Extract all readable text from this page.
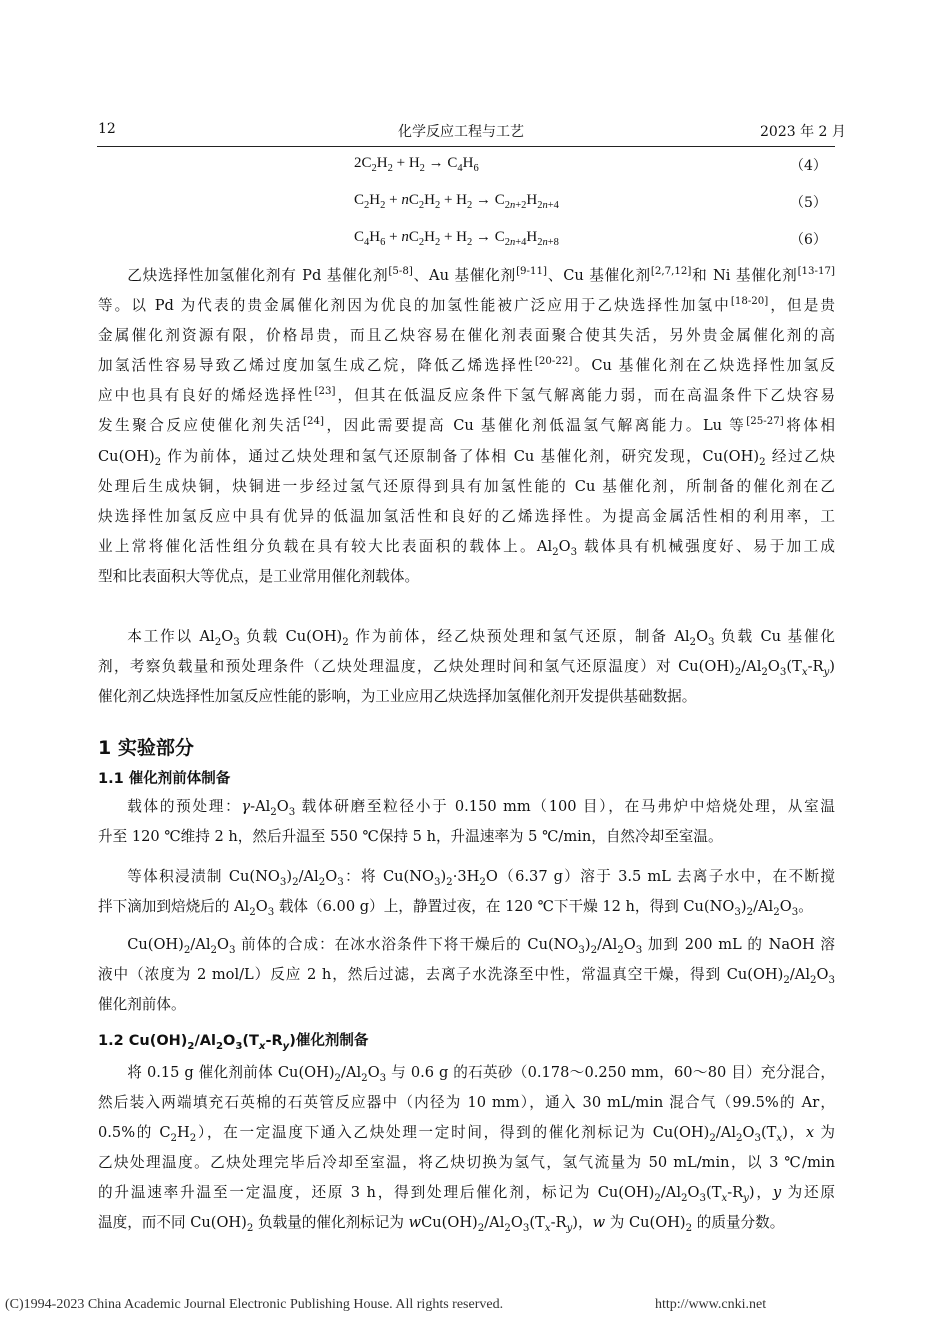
12	化学反应工程与工艺	2023 年 2 月
$2C_2H_2 + H_2 \to C_4H_6$	（4）
$C_2H_2 + nC_2H_2 + H_2 \to C_{2n+2}H_{2n+4}$	（5）
$C_4H_6 + nC_2H_2 + H_2 \to C_{2n+4}H_{2n+8}$	（6）
乙炔选择性加氢催化剂有 Pd 基催化剂[5-8]、Au 基催化剂[9-11]、Cu 基催化剂[2,7,12]和 Ni 基催化剂[13-17]
等。以 Pd 为代表的贵金属催化剂因为优良的加氢性能被广泛应用于乙炔选择性加氢中[18-20]，但是贵
金属催化剂资源有限，价格昂贵，而且乙炔容易在催化剂表面聚合使其失活，另外贵金属催化剂的高
加氢活性容易导致乙烯过度加氢生成乙烷，降低乙烯选择性[20-22]。Cu 基催化剂在乙炔选择性加氢反
应中也具有良好的烯烃选择性[23]，但其在低温反应条件下氢气解离能力弱，而在高温条件下乙炔容易
发生聚合反应使催化剂失活[24]，因此需要提高 Cu 基催化剂低温氢气解离能力。Lu 等[25-27]将体相
$Cu(OH)_2$ 作为前体，通过乙炔处理和氢气还原制备了体相 Cu 基催化剂，研究发现，$Cu(OH)_2$ 经过乙炔
处理后生成炔铜，炔铜进一步经过氢气还原得到具有加氢性能的 Cu 基催化剂，所制备的催化剂在乙
炔选择性加氢反应中具有优异的低温加氢活性和良好的乙烯选择性。为提高金属活性相的利用率，工
业上常将催化活性组分负载在具有较大比表面积的载体上。$Al_2O_3$ 载体具有机械强度好、易于加工成
型和比表面积大等优点，是工业常用催化剂载体。
本工作以 $Al_2O_3$ 负载 $Cu(OH)_2$ 作为前体，经乙炔预处理和氢气还原，制备 $Al_2O_3$ 负载 Cu 基催化
剂，考察负载量和预处理条件（乙炔处理温度，乙炔处理时间和氢气还原温度）对 $Cu(OH)_2/Al_2O_3(T_x-R_y)$
催化剂乙炔选择性加氢反应性能的影响，为工业应用乙炔选择加氢催化剂开发提供基础数据。
1 实验部分
1.1 催化剂前体制备
载体的预处理：$\gamma-Al_2O_3$ 载体研磨至粒径小于 0.150 mm（100 目），在马弗炉中焙烧处理，从室温
升至 120 ℃维持 2 h，然后升温至 550 ℃保持 5 h，升温速率为 5 ℃/min，自然冷却至室温。
等体积浸渍制 $Cu(NO_3)_2/Al_2O_3$：将 $Cu(NO_3)_2\cdot 3H_2O(6.37$ g）溶于 3.5 mL 去离子水中，在不断搅
拌下滴加到焙烧后的 $Al_2O_3$ 载体（6.00 g）上，静置过夜，在 120 ℃下干燥 12 h，得到 $Cu(NO_3)_2/Al_2O_3$。
$Cu(OH)_2/Al_2O_3$ 前体的合成：在冰水浴条件下将干燥后的 $Cu(NO_3)_2/Al_2O_3$ 加到 200 mL 的 NaOH 溶
液中（浓度为 2 mol/L）反应 2 h，然后过滤，去离子水洗涤至中性，常温真空干燥，得到 $Cu(OH)_2/Al_2O_3$
催化剂前体。
1.2 $Cu(OH)_2/Al_2O_3(T_x-R_y)$催化剂制备
将 0.15 g 催化剂前体 $Cu(OH)_2/Al_2O_3$ 与 0.6 g 的石英砂（0.178～0.250 mm，60～80 目）充分混合，
然后装入两端填充石英棉的石英管反应器中（内径为 10 mm），通入 30 mL/min 混合气（99.5%的 Ar，
0.5%的 $C_2H_2$），在一定温度下通入乙炔处理一定时间，得到的催化剂标记为 $Cu(OH)_2/Al_2O_3(T_x)$，x 为
乙炔处理温度。乙炔处理完毕后冷却至室温，将乙炔切换为氢气，氢气流量为 50 mL/min，以 3 ℃/min
的升温速率升温至一定温度，还原 3 h，得到处理后催化剂，标记为 $Cu(OH)_2/Al_2O_3(T_x-R_y)$，y 为还原
温度，而不同 $Cu(OH)_2$ 负载量的催化剂标记为 $wCu(OH)_2/Al_2O_3(T_x-R_y)$，w 为 $Cu(OH)_2$ 的质量分数。
(C)1994-2023 China Academic Journal Electronic Publishing House. All rights reserved.	http://www.cnki.net
